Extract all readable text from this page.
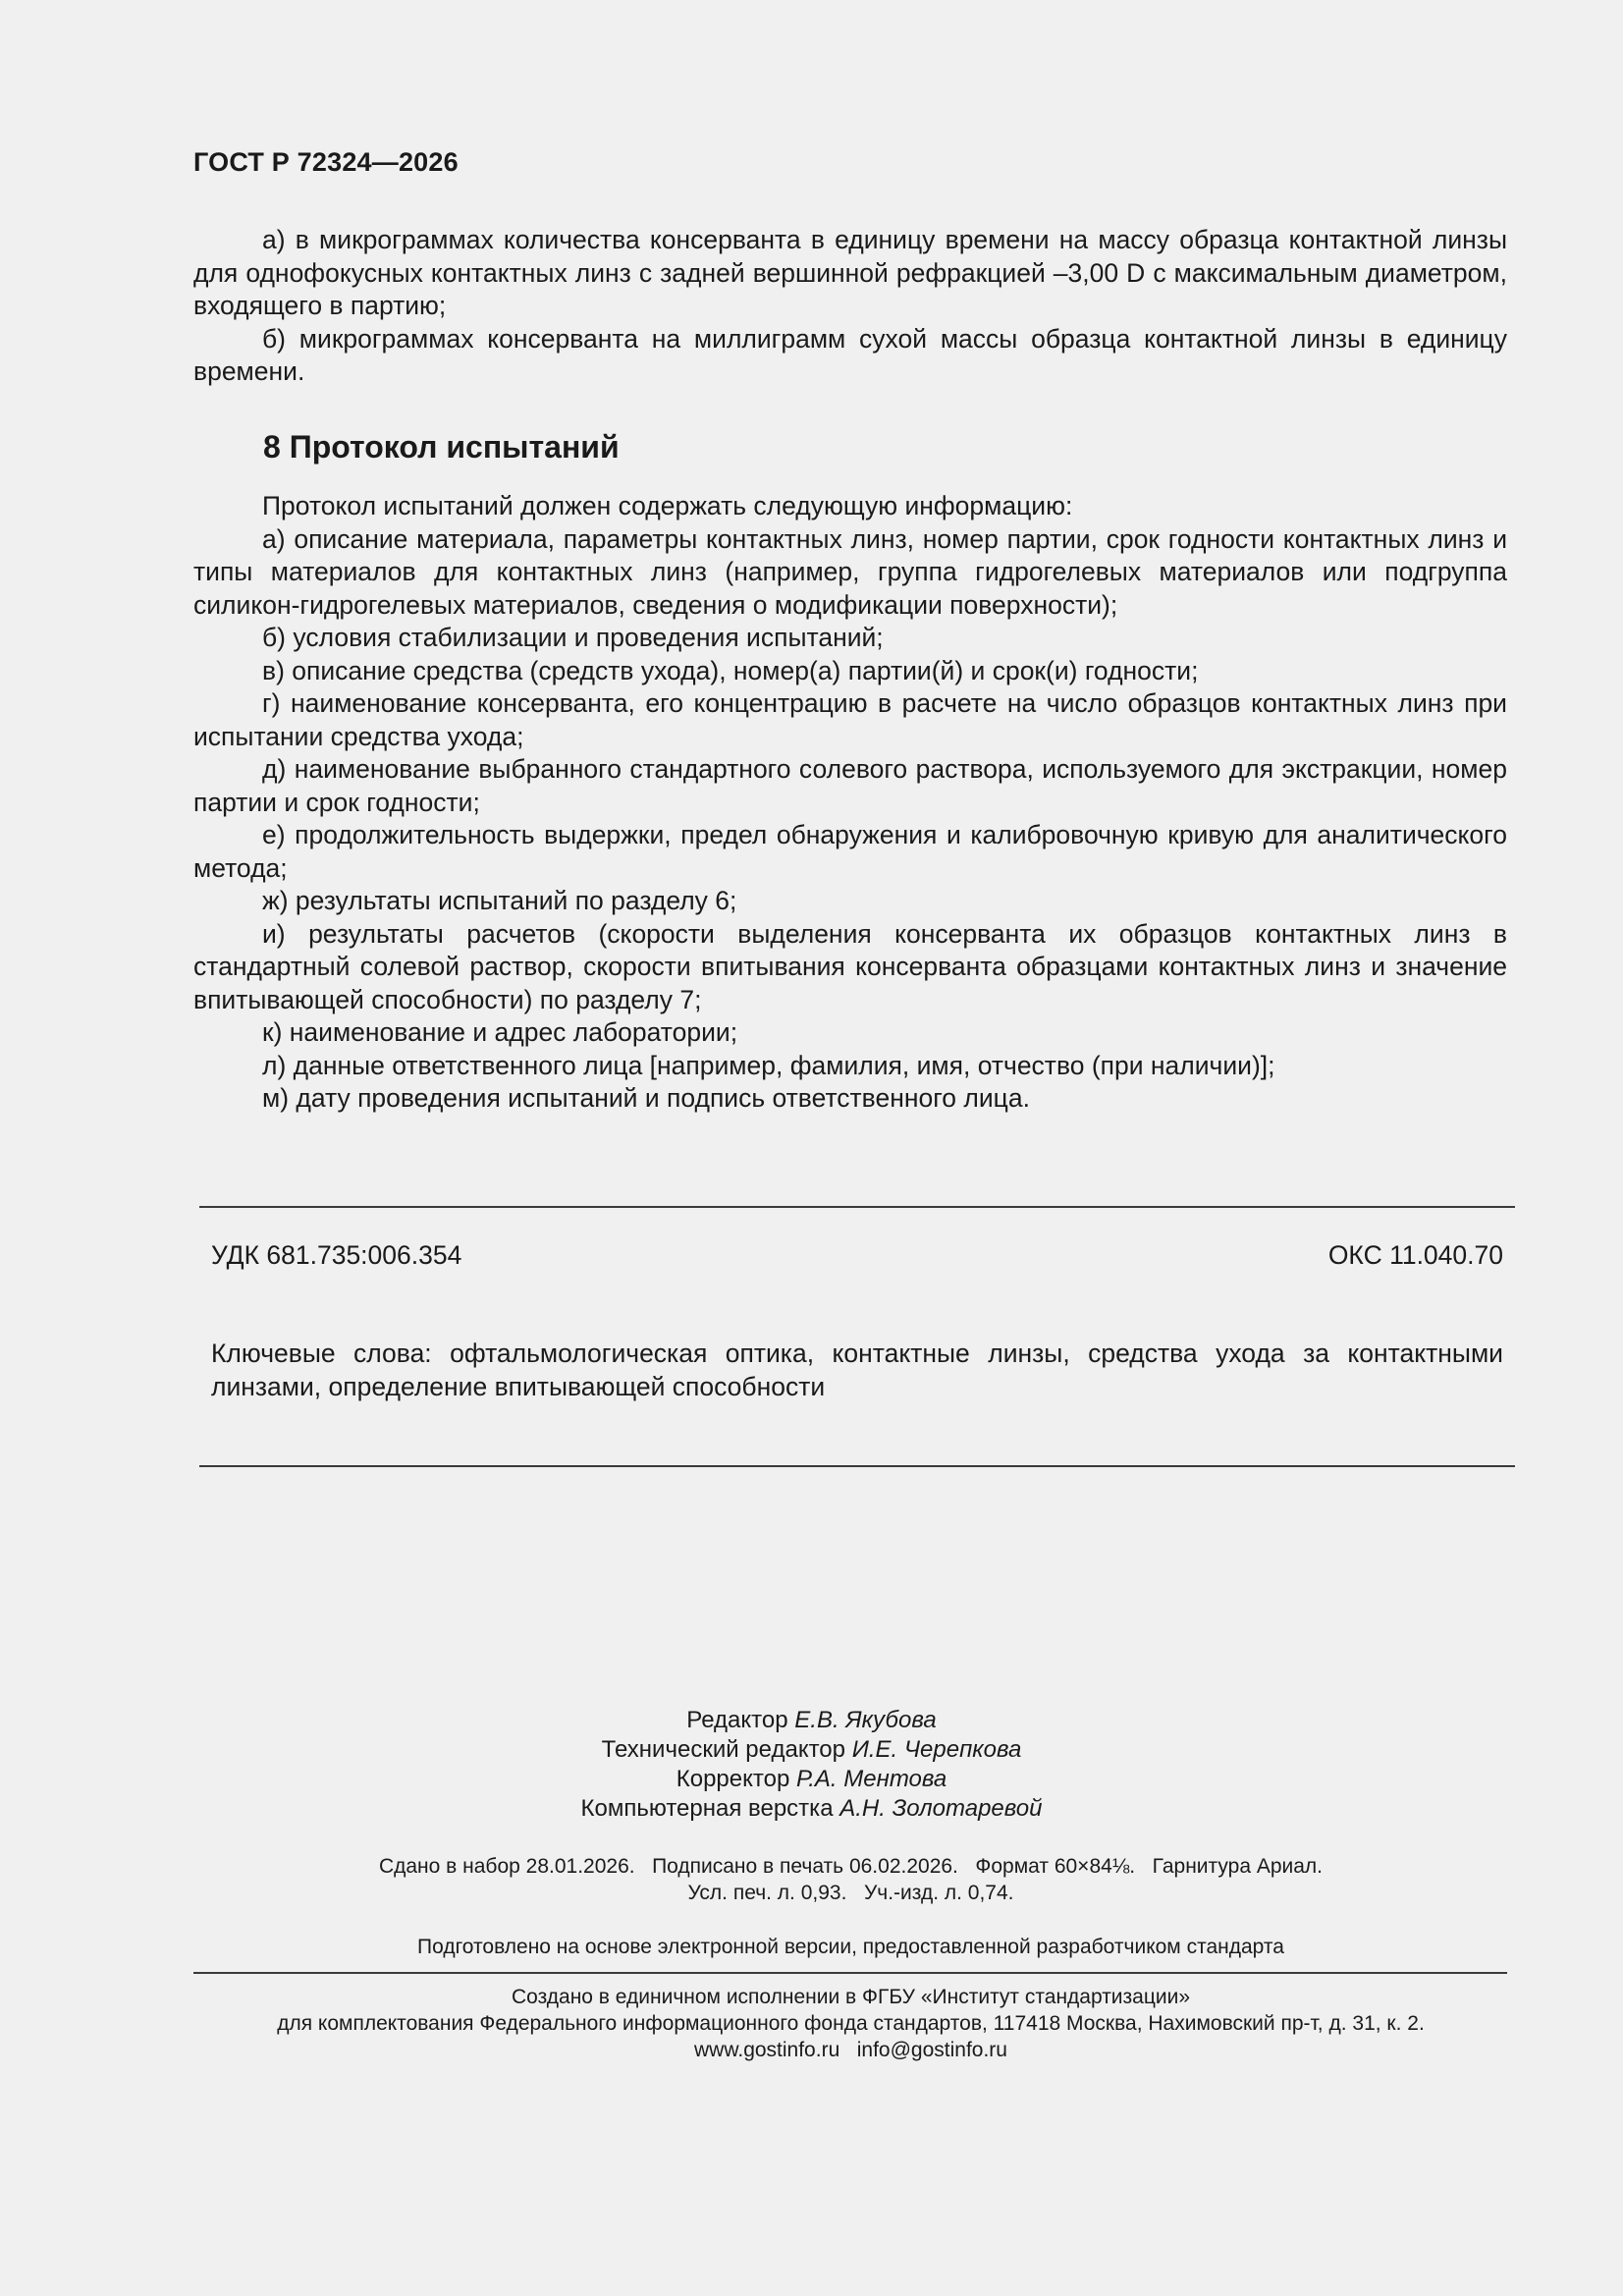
ГОСТ Р 72324—2026

а) в микрограммах количества консерванта в единицу времени на массу образца контактной линзы для однофокусных контактных линз с задней вершинной рефракцией –3,00 D с максимальным диаметром, входящего в партию;

б) микрограммах консерванта на миллиграмм сухой массы образца контактной линзы в единицу времени.

8 Протокол испытаний

Протокол испытаний должен содержать следующую информацию:

а) описание материала, параметры контактных линз, номер партии, срок годности контактных линз и типы материалов для контактных линз (например, группа гидрогелевых материалов или подгруппа силикон-гидрогелевых материалов, сведения о модификации поверхности);

б) условия стабилизации и проведения испытаний;

в) описание средства (средств ухода), номер(а) партии(й) и срок(и) годности;

г) наименование консерванта, его концентрацию в расчете на число образцов контактных линз при испытании средства ухода;

д) наименование выбранного стандартного солевого раствора, используемого для экстракции, номер партии и срок годности;

е) продолжительность выдержки, предел обнаружения и калибровочную кривую для аналитического метода;

ж) результаты испытаний по разделу 6;

и) результаты расчетов (скорости выделения консерванта их образцов контактных линз в стандартный солевой раствор, скорости впитывания консерванта образцами контактных линз и значение впитывающей способности) по разделу 7;

к) наименование и адрес лаборатории;

л) данные ответственного лица [например, фамилия, имя, отчество (при наличии)];

м) дату проведения испытаний и подпись ответственного лица.

УДК 681.735:006.354	ОКС 11.040.70
Ключевые слова: офтальмологическая оптика, контактные линзы, средства ухода за контактными линзами, определение впитывающей способности
Редактор Е.В. Якубова
Технический редактор И.Е. Черепкова
Корректор Р.А. Ментова
Компьютерная верстка А.Н. Золотаревой
Сдано в набор 28.01.2026.   Подписано в печать 06.02.2026.   Формат 60×84⅛.   Гарнитура Ариал.
Усл. печ. л. 0,93.   Уч.-изд. л. 0,74.
Подготовлено на основе электронной версии, предоставленной разработчиком стандарта
Создано в единичном исполнении в ФГБУ «Институт стандартизации»
для комплектования Федерального информационного фонда стандартов, 117418 Москва, Нахимовский пр-т, д. 31, к. 2.
www.gostinfo.ru   info@gostinfo.ru
